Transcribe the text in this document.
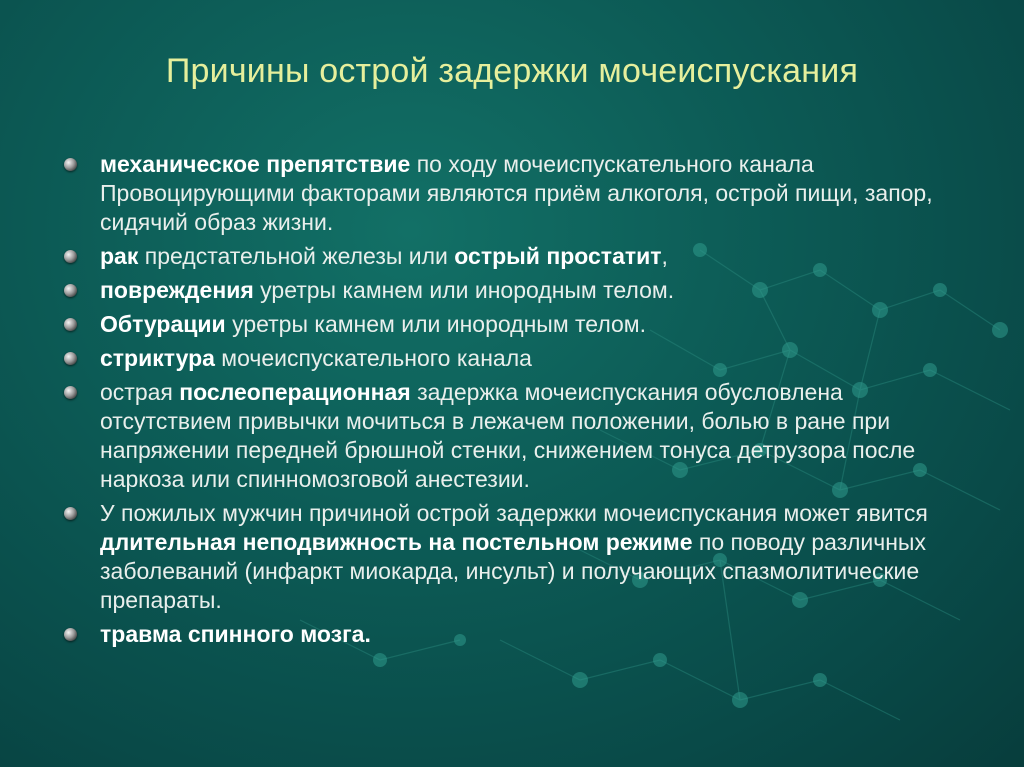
Причины острой задержки мочеиспускания
механическое препятствие по ходу мочеиспускательного канала Провоцирующими факторами являются приём алкоголя, острой пищи, запор, сидячий образ жизни.
рак предстательной железы или острый простатит,
повреждения уретры камнем или инородным телом.
Обтурации уретры камнем или инородным телом.
стриктура мочеиспускательного канала
острая послеоперационная задержка мочеиспускания обусловлена отсутствием привычки мочиться в лежачем положении, болью в ране при напряжении передней брюшной стенки, снижением тонуса детрузора после наркоза или спинномозговой анестезии.
У пожилых мужчин причиной острой задержки мочеиспускания может явится длительная неподвижность на постельном режиме по поводу различных заболеваний (инфаркт миокарда, инсульт) и получающих спазмолитические препараты.
травма спинного мозга.
